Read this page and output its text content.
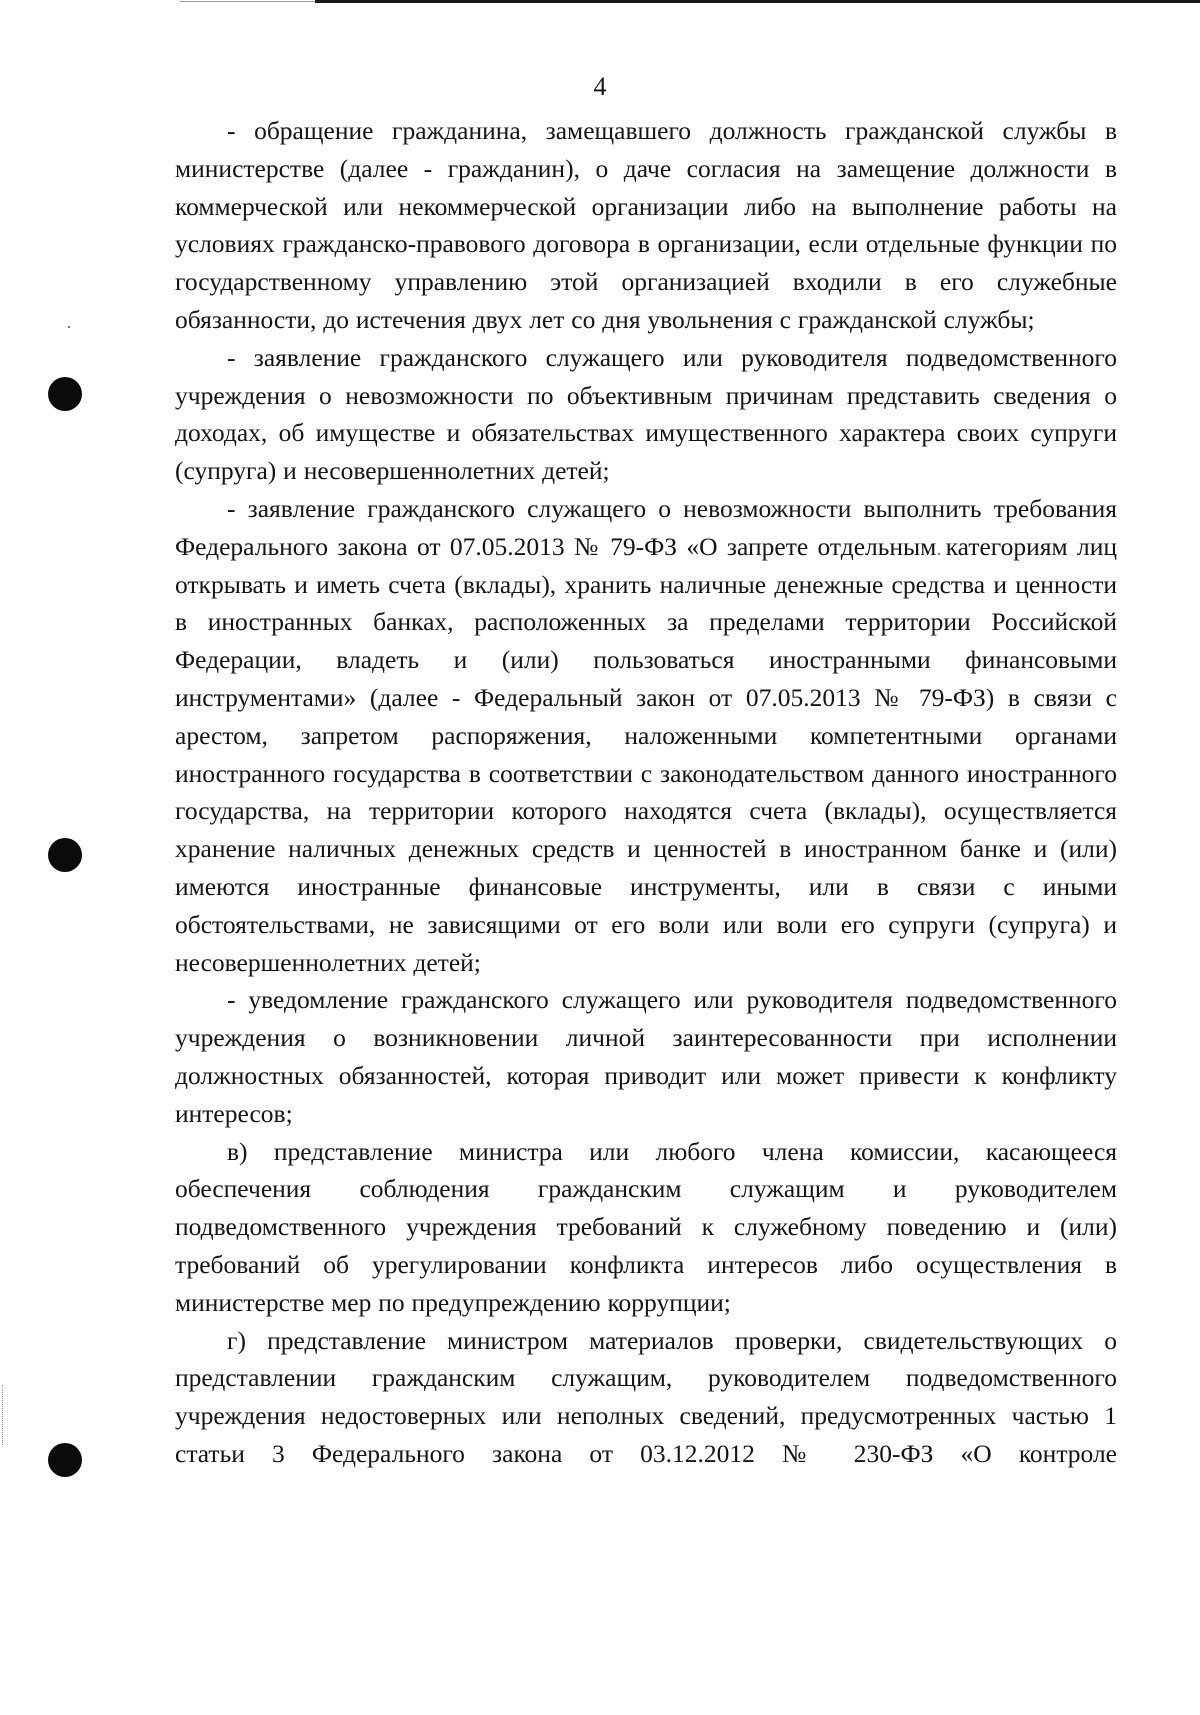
4

- обращение гражданина, замещавшего должность гражданской службы в министерстве (далее - гражданин), о даче согласия на замещение должности в коммерческой или некоммерческой организации либо на выполнение работы на условиях гражданско-правового договора в организации, если отдельные функции по государственному управлению этой организацией входили в его служебные обязанности, до истечения двух лет со дня увольнения с гражданской службы;

- заявление гражданского служащего или руководителя подведомственного учреждения о невозможности по объективным причинам представить сведения о доходах, об имуществе и обязательствах имущественного характера своих супруги (супруга) и несовершеннолетних детей;

- заявление гражданского служащего о невозможности выполнить требования Федерального закона от 07.05.2013 № 79-ФЗ «О запрете отдельным категориям лиц открывать и иметь счета (вклады), хранить наличные денежные средства и ценности в иностранных банках, расположенных за пределами территории Российской Федерации, владеть и (или) пользоваться иностранными финансовыми инструментами» (далее - Федеральный закон от 07.05.2013 № 79-ФЗ) в связи с арестом, запретом распоряжения, наложенными компетентными органами иностранного государства в соответствии с законодательством данного иностранного государства, на территории которого находятся счета (вклады), осуществляется хранение наличных денежных средств и ценностей в иностранном банке и (или) имеются иностранные финансовые инструменты, или в связи с иными обстоятельствами, не зависящими от его воли или воли его супруги (супруга) и несовершеннолетних детей;

- уведомление гражданского служащего или руководителя подведомственного учреждения о возникновении личной заинтересованности при исполнении должностных обязанностей, которая приводит или может привести к конфликту интересов;

в) представление министра или любого члена комиссии, касающееся обеспечения соблюдения гражданским служащим и руководителем подведомственного учреждения требований к служебному поведению и (или) требований об урегулировании конфликта интересов либо осуществления в министерстве мер по предупреждению коррупции;

г) представление министром материалов проверки, свидетельствующих о представлении гражданским служащим, руководителем подведомственного учреждения недостоверных или неполных сведений, предусмотренных частью 1 статьи 3 Федерального закона от 03.12.2012 № 230-ФЗ «О контроле
